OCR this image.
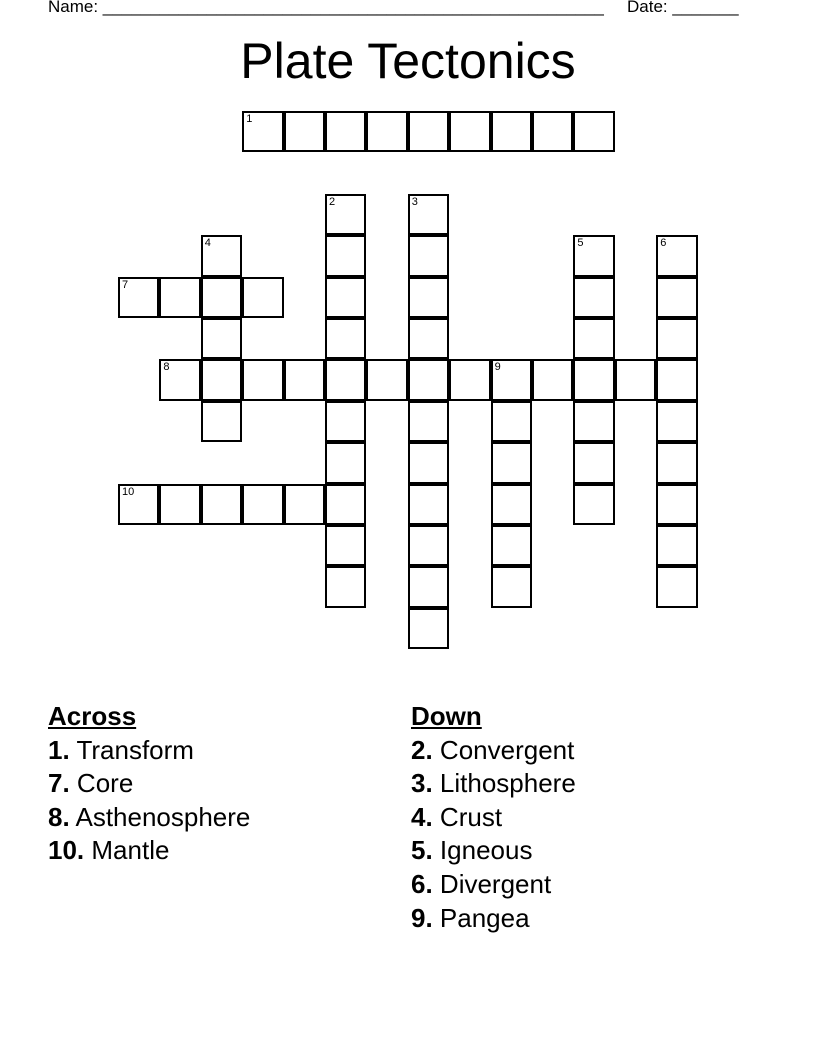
Name: _____________________________________________________ Date: _______
Plate Tectonics
1
2	3
4	5	6
7
8	9
10
Across
1. Transform
7. Core
8. Asthenosphere
10. Mantle
Down
2. Convergent
3. Lithosphere
4. Crust
5. Igneous
6. Divergent
9. Pangea
